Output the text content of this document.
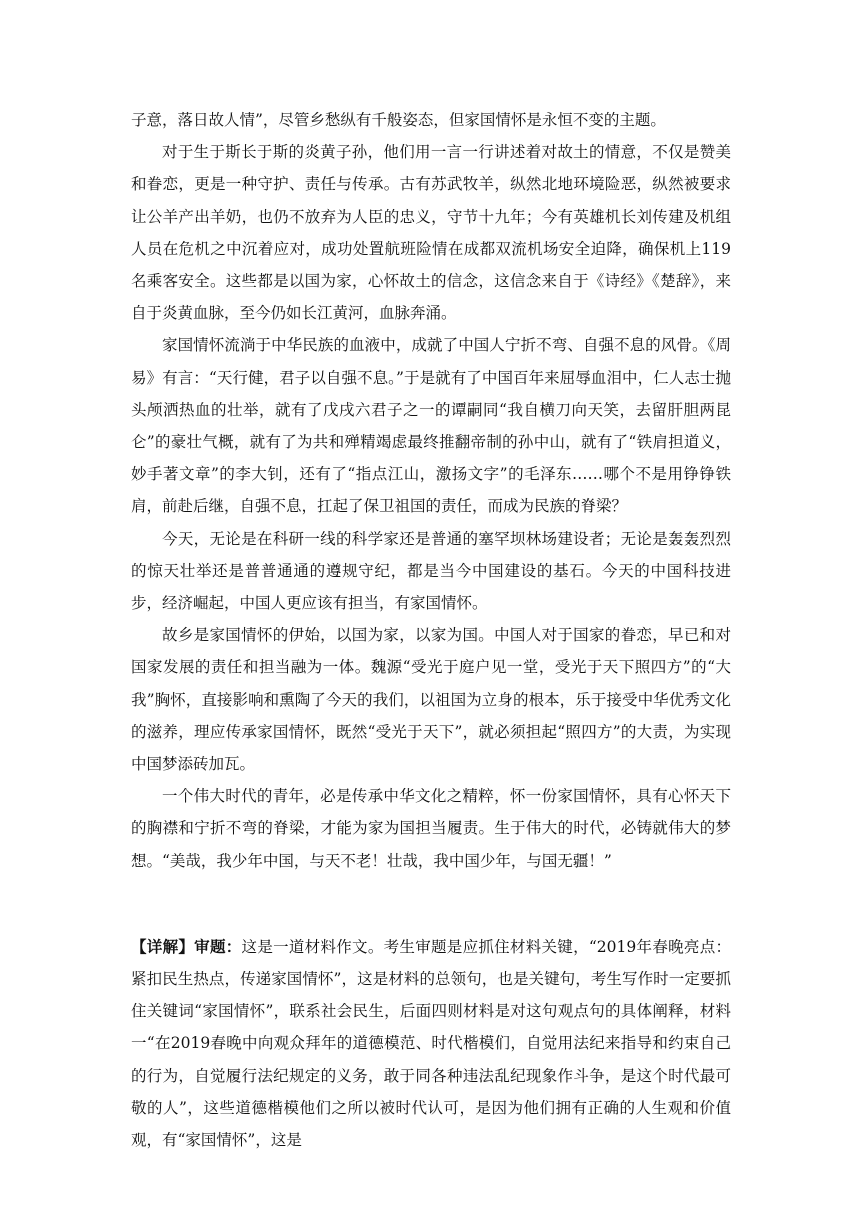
子意，落日故人情”，尽管乡愁纵有千般姿态，但家国情怀是永恒不变的主题。

对于生于斯长于斯的炎黄子孙，他们用一言一行讲述着对故土的情意，不仅是赞美和眷恋，更是一种守护、责任与传承。古有苏武牧羊，纵然北地环境险恶，纵然被要求让公羊产出羊奶，也仍不放弃为人臣的忠义，守节十九年；今有英雄机长刘传建及机组人员在危机之中沉着应对，成功处置航班险情在成都双流机场安全迫降，确保机上119名乘客安全。这些都是以国为家，心怀故土的信念，这信念来自于《诗经》《楚辞》，来自于炎黄血脉，至今仍如长江黄河，血脉奔涌。

家国情怀流淌于中华民族的血液中，成就了中国人宁折不弯、自强不息的风骨。《周易》有言：“天行健，君子以自强不息。”于是就有了中国百年来屈辱血泪中，仁人志士抛头颅洒热血的壮举，就有了戊戌六君子之一的谭嗣同“我自横刀向天笑，去留肝胆两昆仑”的豪壮气概，就有了为共和殚精竭虑最终推翻帝制的孙中山，就有了“铁肩担道义，妙手著文章”的李大钊，还有了“指点江山，激扬文字”的毛泽东……哪个不是用铮铮铁肩，前赴后继，自强不息，扛起了保卫祖国的责任，而成为民族的脊梁？

今天，无论是在科研一线的科学家还是普通的塞罕坝林场建设者；无论是轰轰烈烈的惊天壮举还是普普通通的遵规守纪，都是当今中国建设的基石。今天的中国科技进步，经济崛起，中国人更应该有担当，有家国情怀。

故乡是家国情怀的伊始，以国为家，以家为国。中国人对于国家的眷恋，早已和对国家发展的责任和担当融为一体。魏源“受光于庭户见一堂，受光于天下照四方”的“大我”胸怀，直接影响和熏陶了今天的我们，以祖国为立身的根本，乐于接受中华优秀文化的滋养，理应传承家国情怀，既然“受光于天下”，就必须担起“照四方”的大责，为实现中国梦添砖加瓦。

一个伟大时代的青年，必是传承中华文化之精粹，怀一份家国情怀，具有心怀天下的胸襟和宁折不弯的脊梁，才能为家为国担当履责。生于伟大的时代，必铸就伟大的梦想。“美哉，我少年中国，与天不老！壮哉，我中国少年，与国无疆！”

【详解】审题：这是一道材料作文。考生审题是应抓住材料关键，“2019年春晚亮点：紧扣民生热点，传递家国情怀”，这是材料的总领句，也是关键句，考生写作时一定要抓住关键词“家国情怀”，联系社会民生，后面四则材料是对这句观点句的具体阐释，材料一“在2019春晚中向观众拜年的道德模范、时代楷模们，自觉用法纪来指导和约束自己的行为，自觉履行法纪规定的义务，敢于同各种违法乱纪现象作斗争，是这个时代最可敬的人”，这些道德楷模他们之所以被时代认可，是因为他们拥有正确的人生观和价值观，有“家国情怀”，这是
